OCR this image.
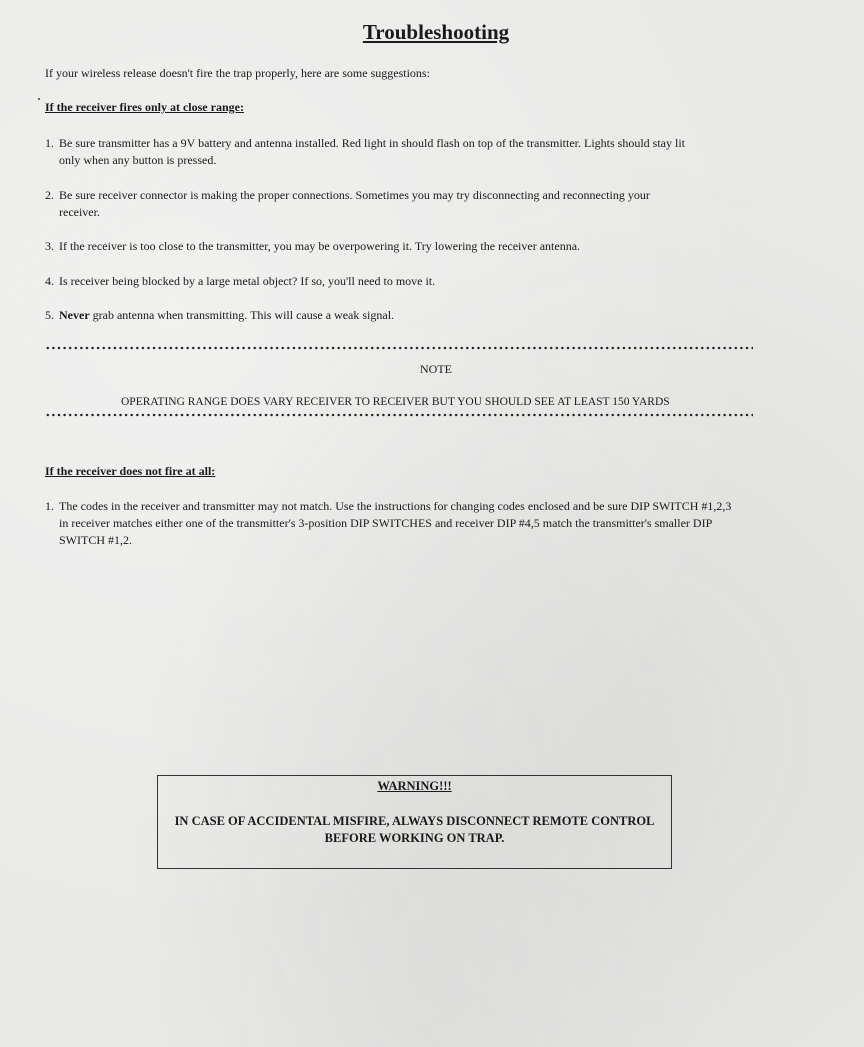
Troubleshooting
If your wireless release doesn't fire the trap properly, here are some suggestions:
If the receiver fires only at close range:
1. Be sure transmitter has a 9V battery and antenna installed. Red light in should flash on top of the transmitter. Lights should stay lit only when any button is pressed.
2. Be sure receiver connector is making the proper connections. Sometimes you may try disconnecting and reconnecting your receiver.
3. If the receiver is too close to the transmitter, you may be overpowering it. Try lowering the receiver antenna.
4. Is receiver being blocked by a large metal object? If so, you'll need to move it.
5. Never grab antenna when transmitting. This will cause a weak signal.
NOTE
OPERATING RANGE DOES VARY RECEIVER TO RECEIVER BUT YOU SHOULD SEE AT LEAST 150 YARDS
If the receiver does not fire at all:
1. The codes in the receiver and transmitter may not match. Use the instructions for changing codes enclosed and be sure DIP SWITCH #1,2,3 in receiver matches either one of the transmitter's 3-position DIP SWITCHES and receiver DIP #4,5 match the transmitter's smaller DIP SWITCH #1,2.
WARNING!!!
IN CASE OF ACCIDENTAL MISFIRE, ALWAYS DISCONNECT REMOTE CONTROL BEFORE WORKING ON TRAP.
